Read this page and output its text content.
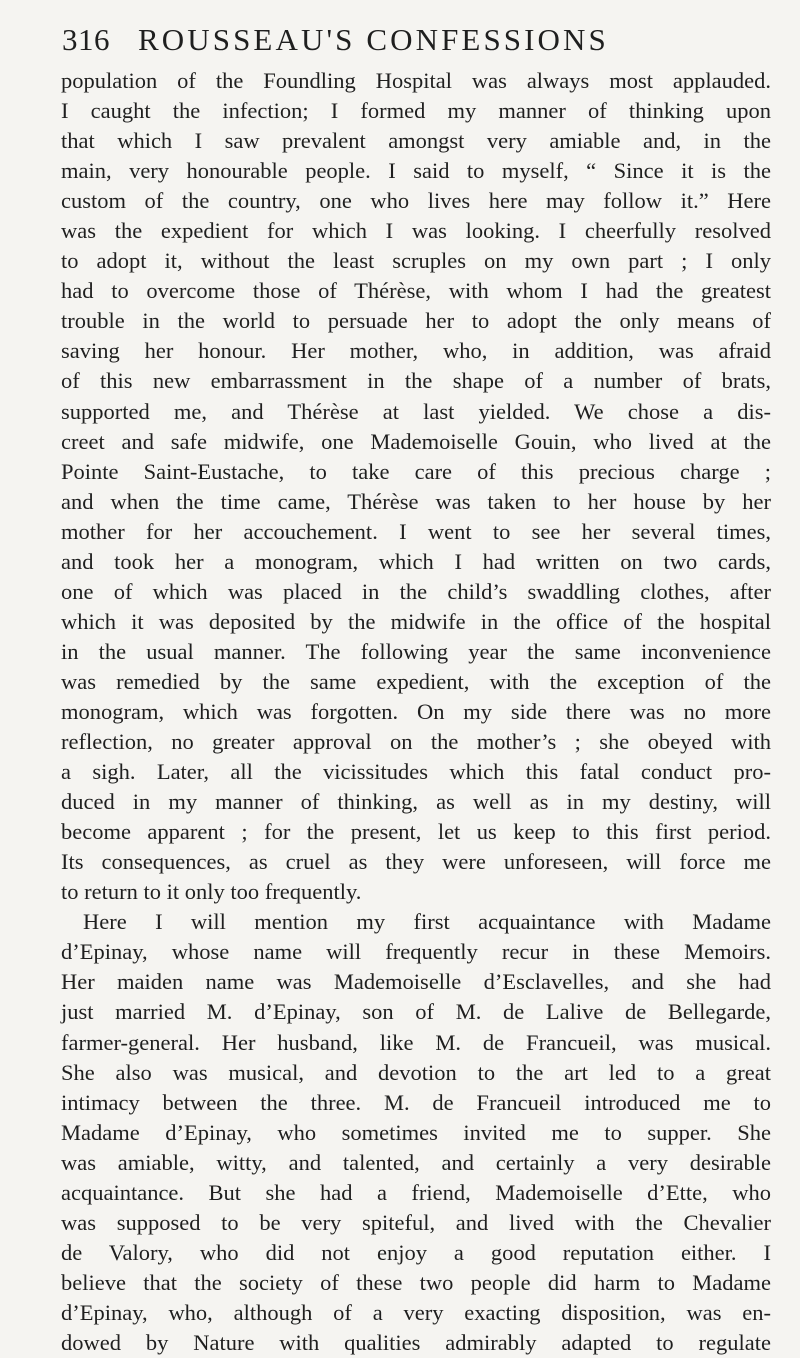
316 ROUSSEAU'S CONFESSIONS

population of the Foundling Hospital was always most applauded.
I caught the infection; I formed my manner of thinking upon
that which I saw prevalent amongst very amiable and, in the
main, very honourable people. I said to myself, “ Since it is the
custom of the country, one who lives here may follow it.” Here
was the expedient for which I was looking. I cheerfully resolved
to adopt it, without the least scruples on my own part ; I only
had to overcome those of Thérèse, with whom I had the greatest
trouble in the world to persuade her to adopt the only means of
saving her honour. Her mother, who, in addition, was afraid
of this new embarrassment in the shape of a number of brats,
supported me, and Thérèse at last yielded. We chose a dis-
creet and safe midwife, one Mademoiselle Gouin, who lived at the
Pointe Saint-Eustache, to take care of this precious charge ;
and when the time came, Thérèse was taken to her house by her
mother for her accouchement. I went to see her several times,
and took her a monogram, which I had written on two cards,
one of which was placed in the child’s swaddling clothes, after
which it was deposited by the midwife in the office of the hospital
in the usual manner. The following year the same inconvenience
was remedied by the same expedient, with the exception of the
monogram, which was forgotten. On my side there was no more
reflection, no greater approval on the mother’s ; she obeyed with
a sigh. Later, all the vicissitudes which this fatal conduct pro-
duced in my manner of thinking, as well as in my destiny, will
become apparent ; for the present, let us keep to this first period.
Its consequences, as cruel as they were unforeseen, will force me
to return to it only too frequently.

Here I will mention my first acquaintance with Madame
d’Epinay, whose name will frequently recur in these Memoirs.
Her maiden name was Mademoiselle d’Esclavelles, and she had
just married M. d’Epinay, son of M. de Lalive de Bellegarde,
farmer-general. Her husband, like M. de Francueil, was musical.
She also was musical, and devotion to the art led to a great
intimacy between the three. M. de Francueil introduced me to
Madame d’Epinay, who sometimes invited me to supper. She
was amiable, witty, and talented, and certainly a very desirable
acquaintance. But she had a friend, Mademoiselle d’Ette, who
was supposed to be very spiteful, and lived with the Chevalier
de Valory, who did not enjoy a good reputation either. I
believe that the society of these two people did harm to Madame
d’Epinay, who, although of a very exacting disposition, was en-
dowed by Nature with qualities admirably adapted to regulate
